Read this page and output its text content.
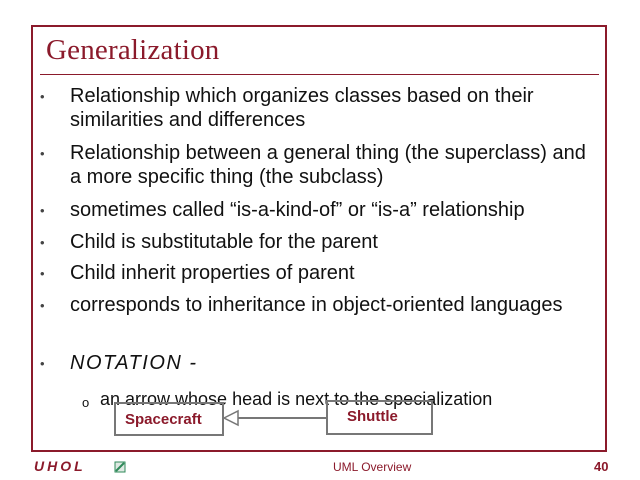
Generalization
•	Relationship which organizes classes based on their similarities and differences
•	Relationship between a general thing (the superclass) and a more specific thing (the subclass)
•	sometimes called “is-a-kind-of” or “is-a” relationship
•	Child is substitutable for the parent
•	Child inherit properties of parent
•	corresponds to inheritance in object-oriented languages
•	NOTATION -
o an arrow whose head is next to the specialization
Spacecraft	Shuttle
UHOL	UML Overview	40
